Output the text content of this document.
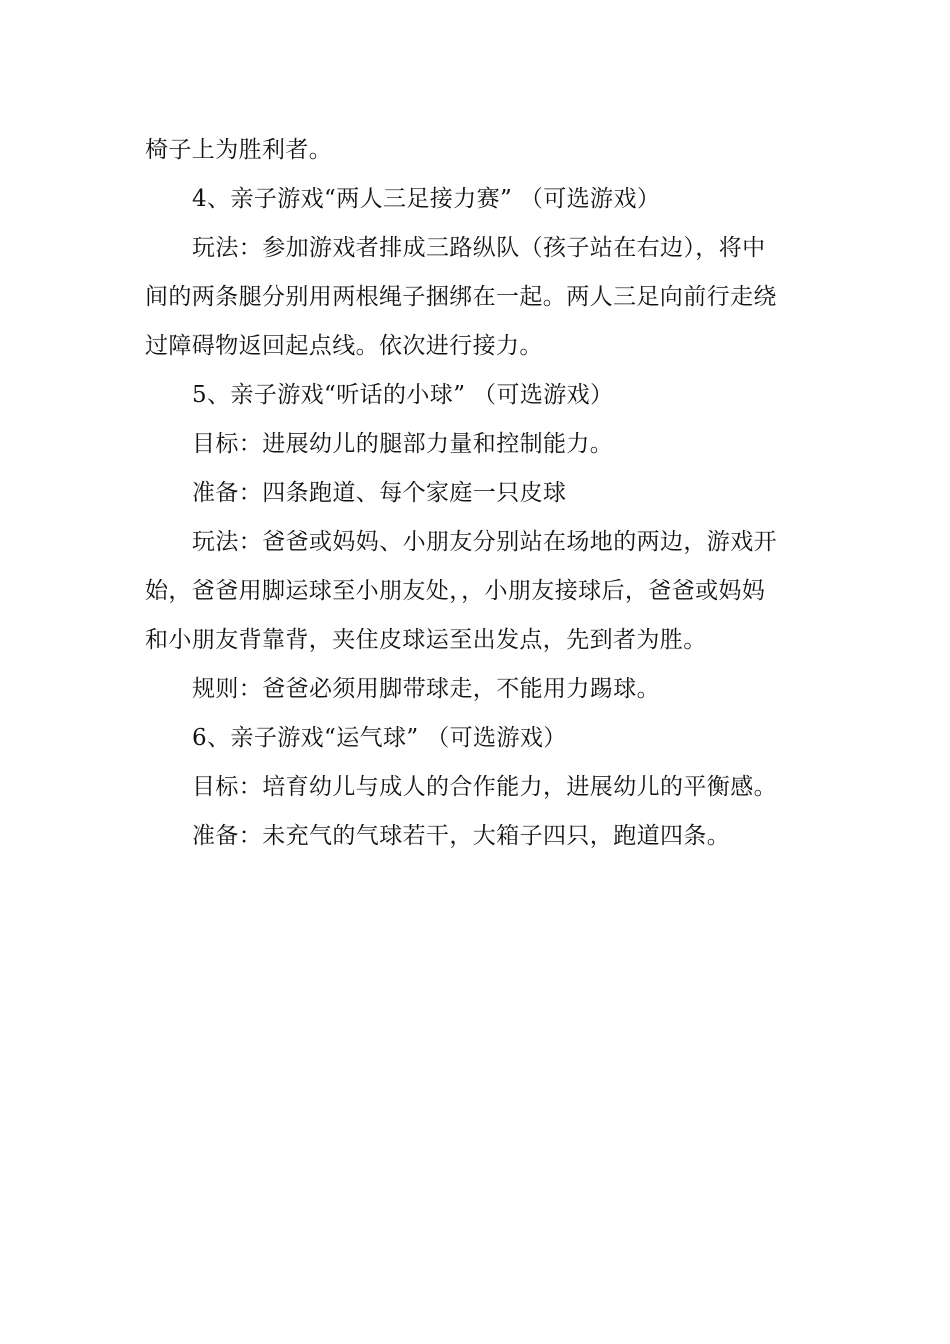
椅子上为胜利者。

4、亲子游戏“两人三足接力赛” （可选游戏）

玩法：参加游戏者排成三路纵队（孩子站在右边），将中

间的两条腿分别用两根绳子捆绑在一起。两人三足向前行走绕

过障碍物返回起点线。依次进行接力。

5、亲子游戏“听话的小球” （可选游戏）

目标：进展幼儿的腿部力量和控制能力。

准备：四条跑道、每个家庭一只皮球

玩法：爸爸或妈妈、小朋友分别站在场地的两边，游戏开

始，爸爸用脚运球至小朋友处，，小朋友接球后，爸爸或妈妈

和小朋友背靠背，夹住皮球运至出发点，先到者为胜。

规则：爸爸必须用脚带球走，不能用力踢球。

6、亲子游戏“运气球” （可选游戏）

目标：培育幼儿与成人的合作能力，进展幼儿的平衡感。

准备：未充气的气球若干，大箱子四只，跑道四条。
